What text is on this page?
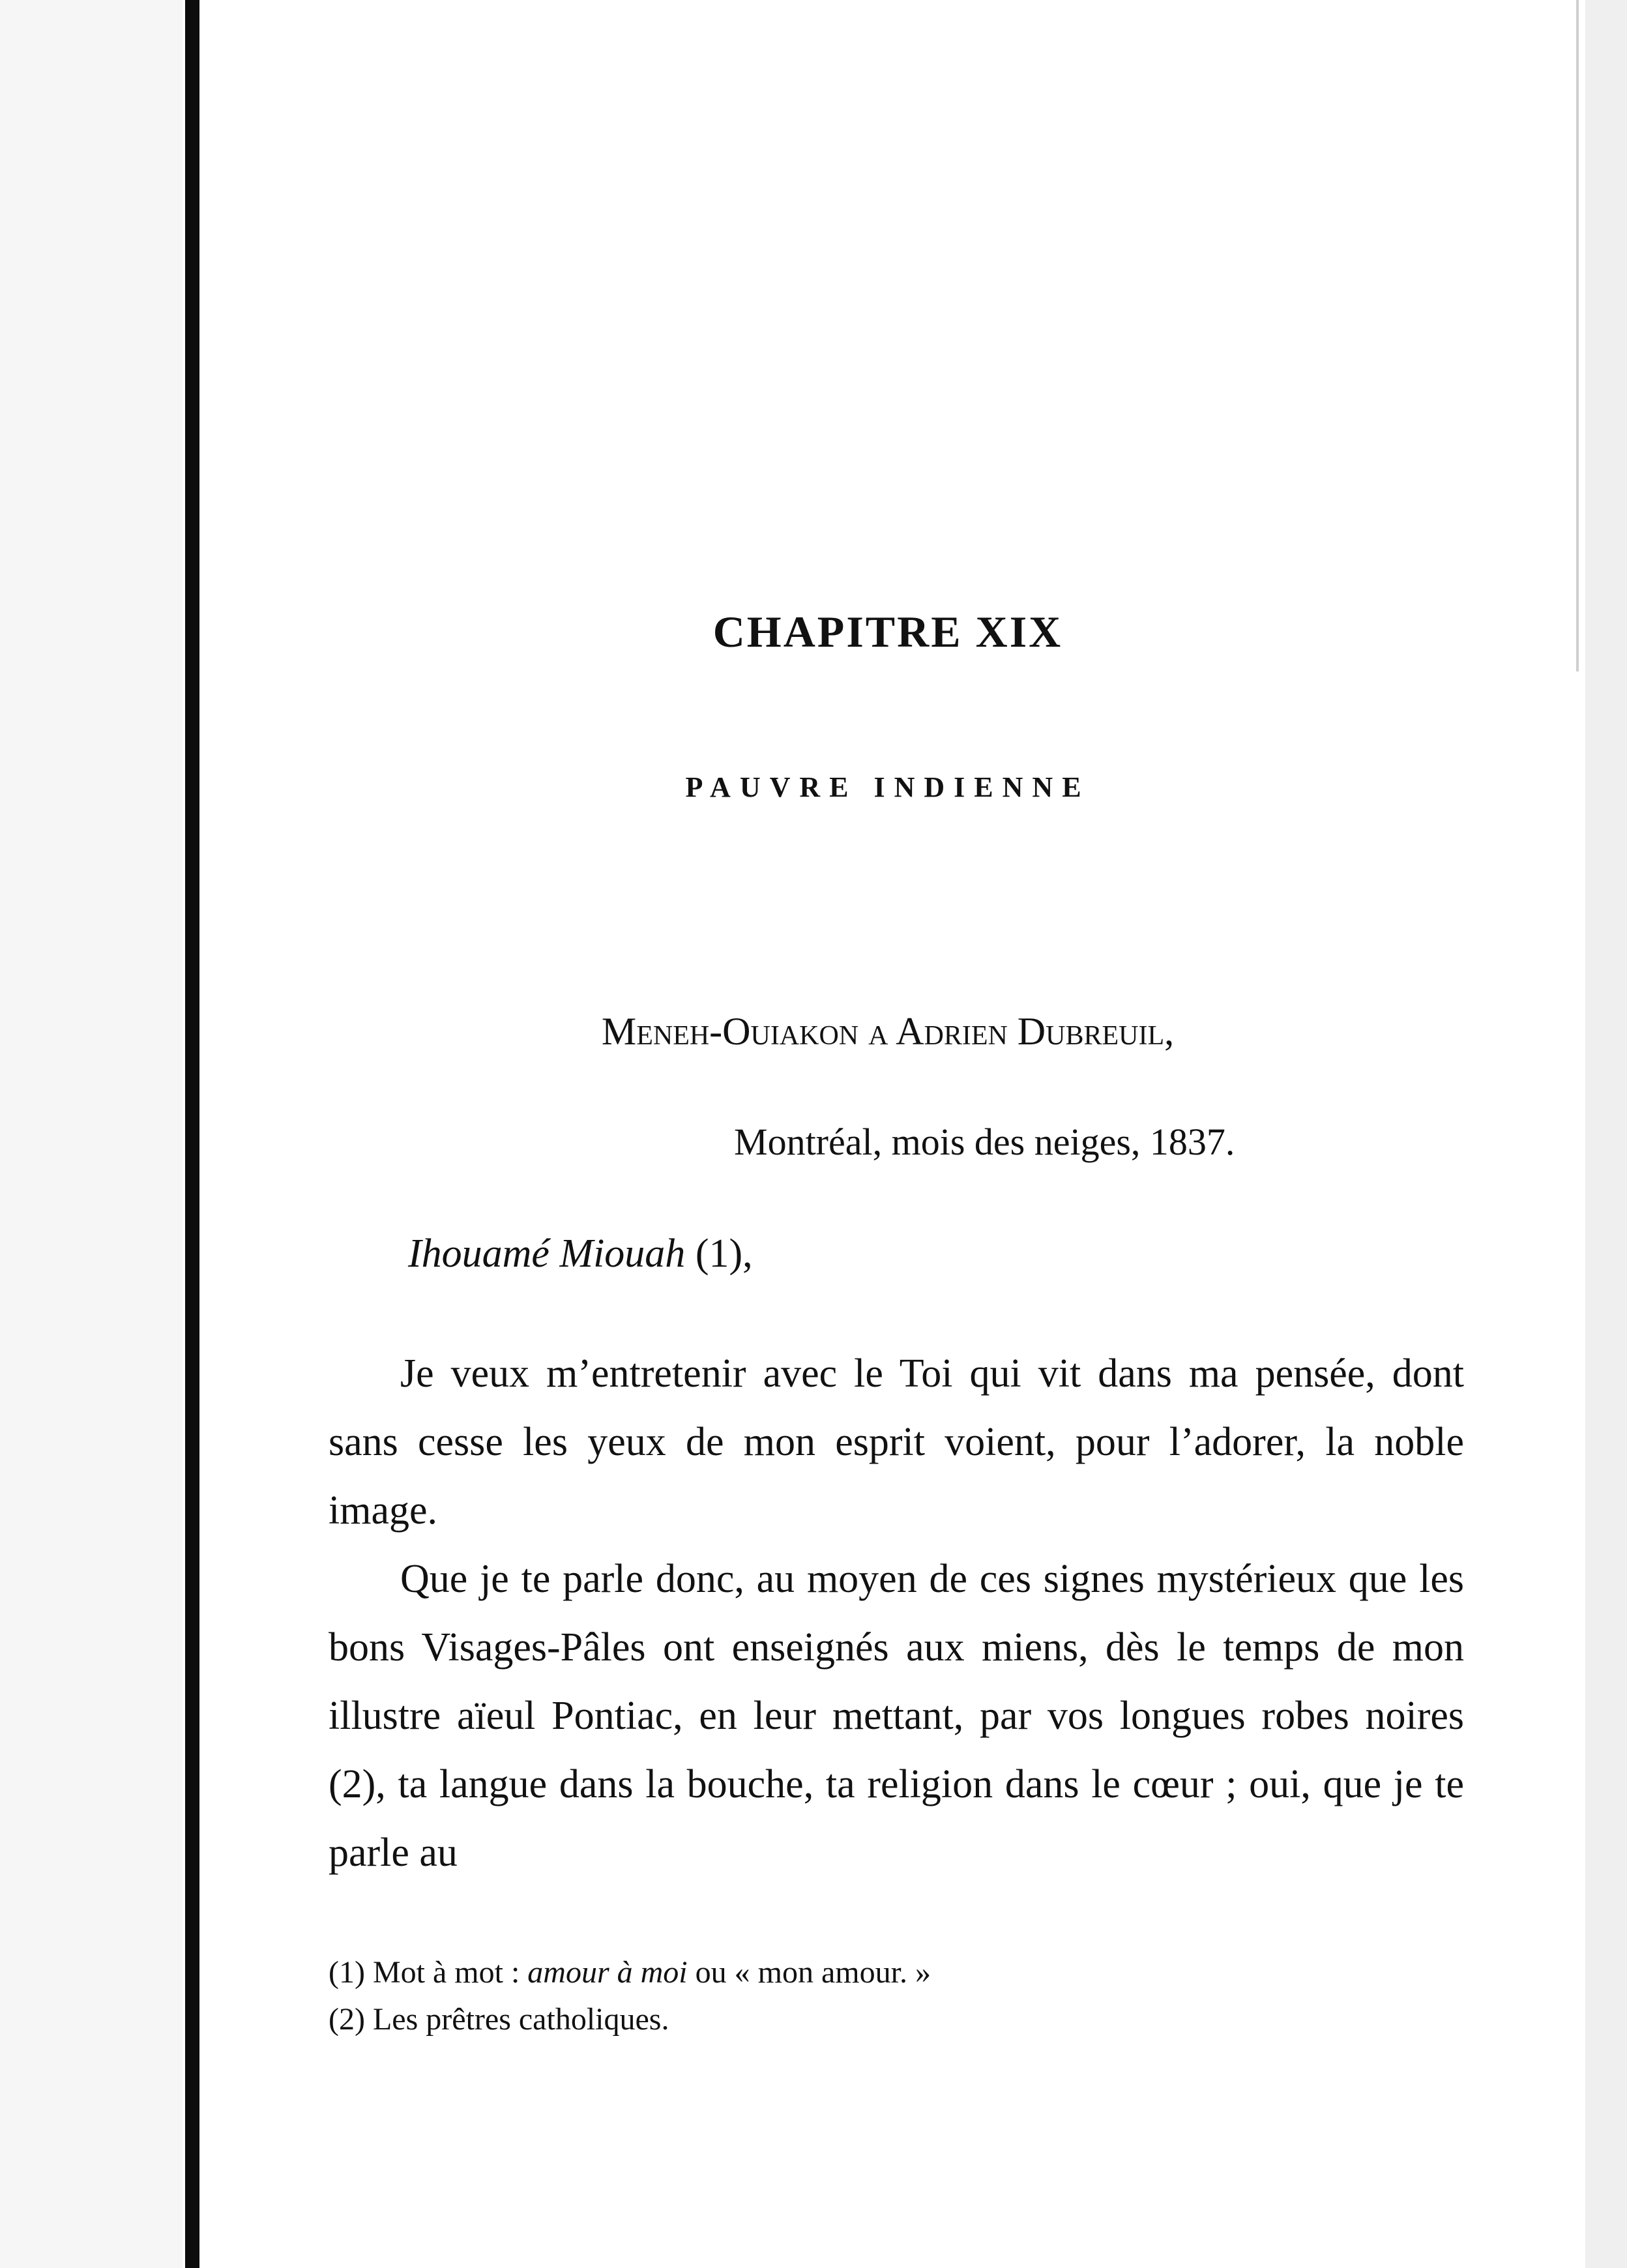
CHAPITRE XIX
PAUVRE INDIENNE
Meneh-Ouiakon a Adrien Dubreuil,
Montréal, mois des neiges, 1837.
Ihouamé Miouah (1),

Je veux m’entretenir avec le Toi qui vit dans ma pensée, dont sans cesse les yeux de mon esprit voient, pour l’adorer, la noble image.

Que je te parle donc, au moyen de ces signes mystérieux que les bons Visages-Pâles ont enseignés aux miens, dès le temps de mon illustre aïeul Pontiac, en leur mettant, par vos longues robes noires (2), ta langue dans la bouche, ta religion dans le cœur ; oui, que je te parle au

(1) Mot à mot : amour à moi ou « mon amour. »
(2) Les prêtres catholiques.
